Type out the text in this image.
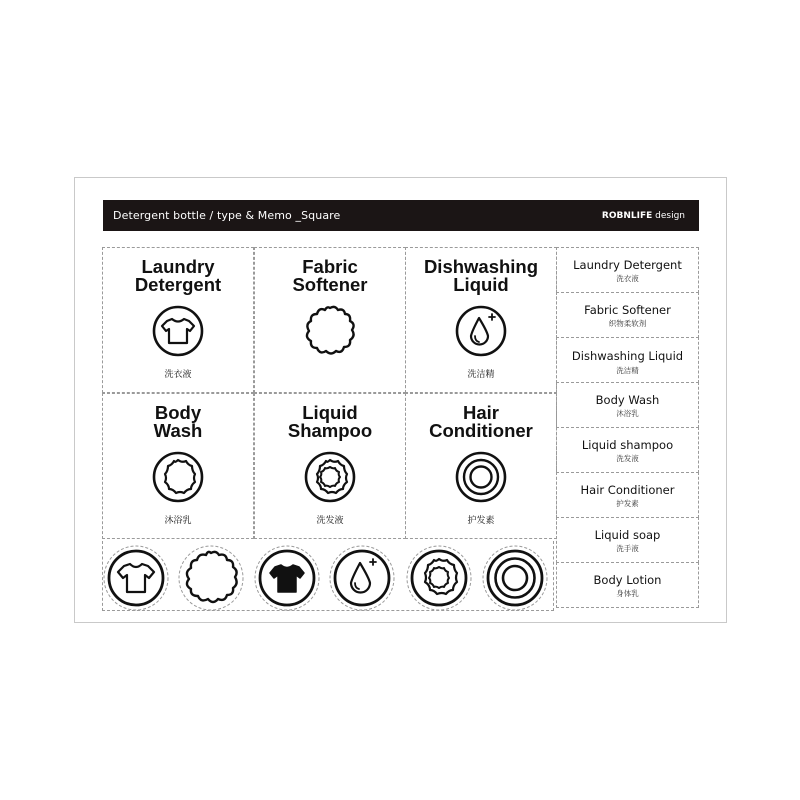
Detergent bottle / type & Memo _Square	ROBNLIFE design
Laundry
Detergent
洗衣液
Fabric
Softener
Dishwashing
Liquid
洗洁精
Body
Wash
沐浴乳
Liquid
Shampoo
洗发液
Hair
Conditioner
护发素
Laundry Detergent
洗衣液
Fabric Softener
织物柔软剂
Dishwashing Liquid
洗洁精
Body Wash
沐浴乳
Liquid shampoo
洗发液
Hair Conditioner
护发素
Liquid soap
洗手液
Body Lotion
身体乳
